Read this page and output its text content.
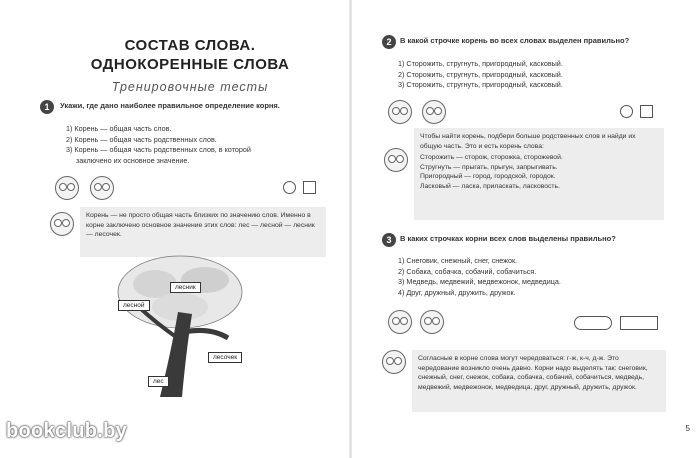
СОСТАВ СЛОВА.
ОДНОКОРЕННЫЕ СЛОВА
Тренировочные тесты
1	Укажи, где дано наиболее правильное определение корня.
1) Корень — общая часть слов.
2) Корень — общая часть родственных слов.
3) Корень — общая часть родственных слов, в которой
заключено их основное значение.
Корень — не просто общая часть близких по значению слов. Именно в корне заключено основное значение этих слов: лес — лесной — лесник — лесочек.
лесник
лесной
лесочек
лес
2	В какой строчке корень во всех словах выделен правильно?
1) Сторожить, стругнуть, пригородный, касковый.
2) Сторожить, стругнуть, пригородный, касковый.
3) Сторожить, стругнуть, пригородный, касковый.
Чтобы найти корень, подбери больше родственных слов и найди их общую часть. Это и есть корень слова:
Сторожить — сторож, сторожка, сторожевой.
Стругнуть — прыгать, прыгун, запрыгивать.
Пригородный — город, городской, городок.
Ласковый — ласка, приласкать, ласковость.
3	В каких строчках корни всех слов выделены правильно?
1) Снеговик, снежный, снег, снежок.
2) Собака, собачка, собачий, собачиться.
3) Медведь, медвежий, медвежонок, медведица.
4) Друг, дружный, дружить, дружок.
Согласные в корне слова могут чередоваться: г-ж, к-ч, д-ж. Это чередование возникло очень давно. Корни надо выделять так: снеговик, снежный, снег, снежок, собака, собачка, собачий, собачиться, медведь, медвежий, медвежонок, медведица, друг, дружный, дружить, дружок.
5
bookclub.by
